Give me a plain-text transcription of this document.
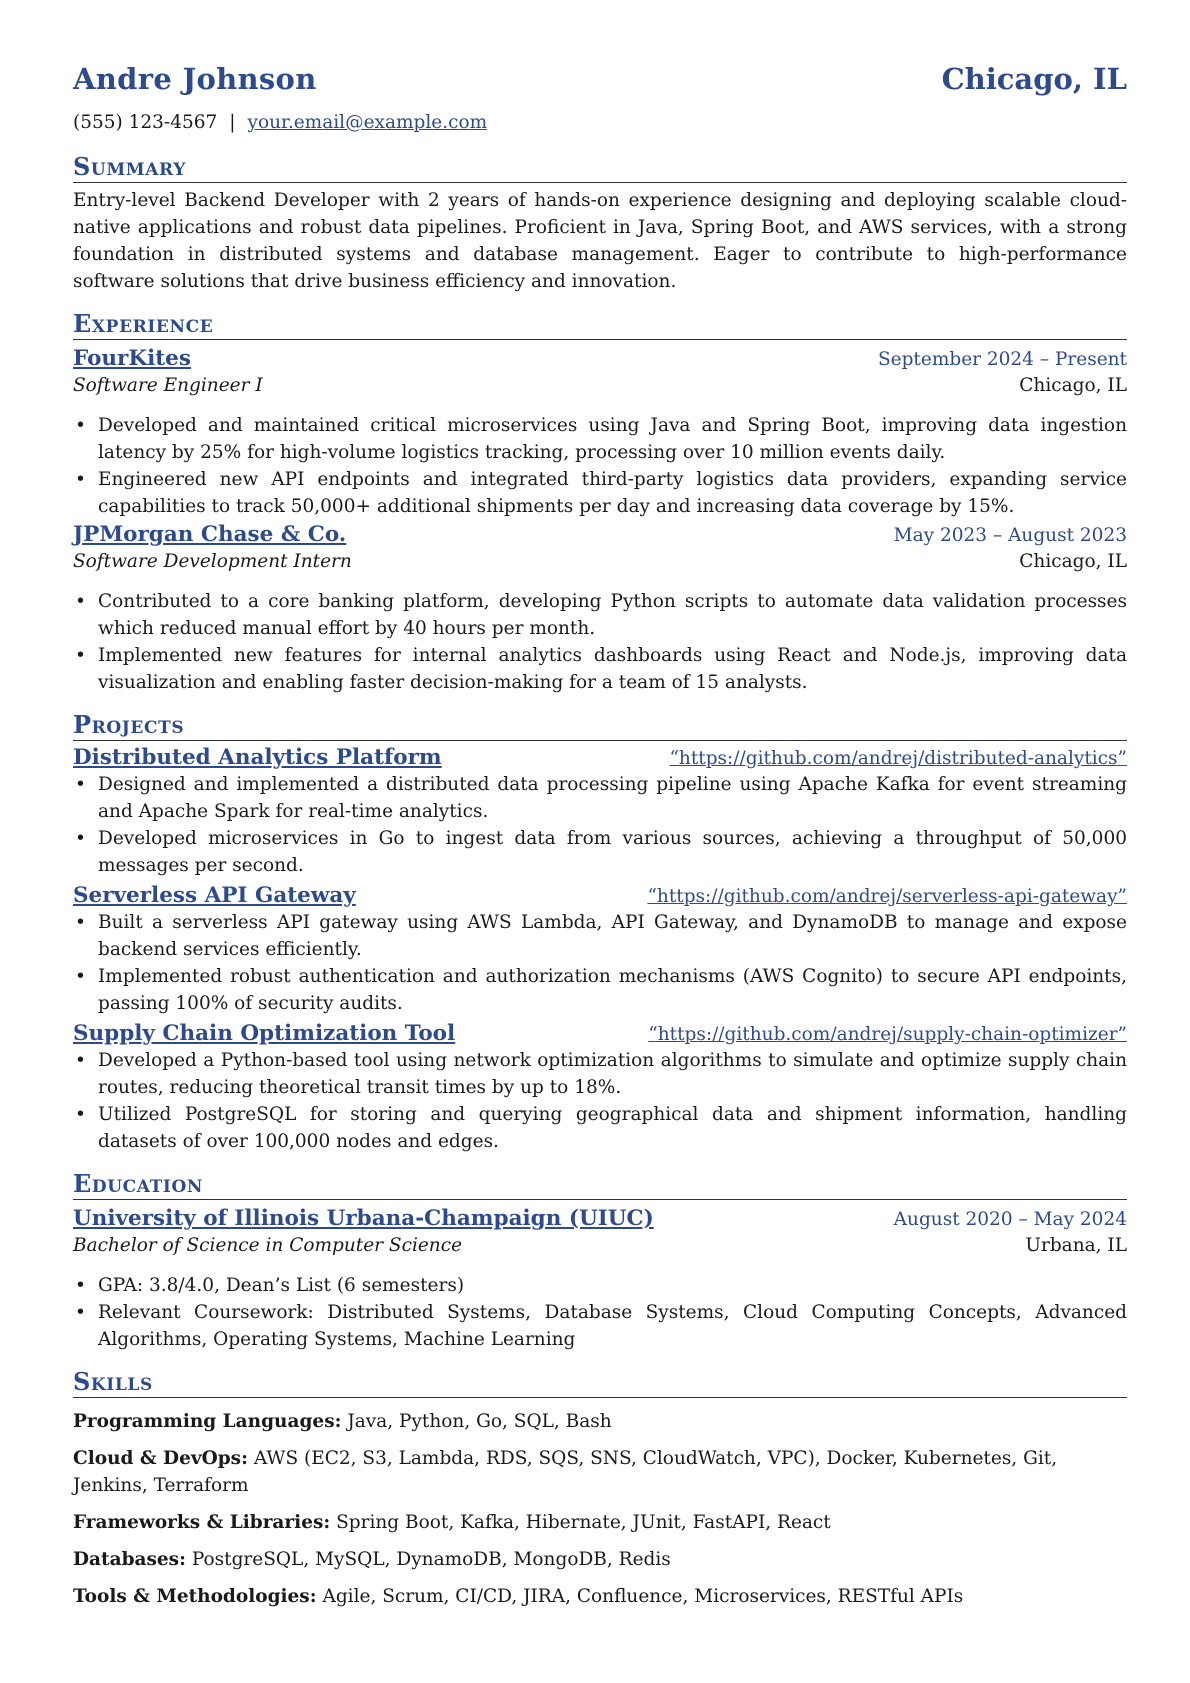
Andre Johnson	Chicago, IL
(555) 123-4567 | your.email@example.com
Summary
Entry-level Backend Developer with 2 years of hands-on experience designing and deploying scalable cloud-native applications and robust data pipelines. Proficient in Java, Spring Boot, and AWS services, with a strong foundation in distributed systems and database management. Eager to contribute to high-performance software solutions that drive business efficiency and innovation.
Experience
FourKites	September 2024 – Present
Software Engineer I	Chicago, IL
• Developed and maintained critical microservices using Java and Spring Boot, improving data ingestion latency by 25% for high-volume logistics tracking, processing over 10 million events daily.
• Engineered new API endpoints and integrated third-party logistics data providers, expanding service capabilities to track 50,000+ additional shipments per day and increasing data coverage by 15%.
JPMorgan Chase & Co.	May 2023 – August 2023
Software Development Intern	Chicago, IL
• Contributed to a core banking platform, developing Python scripts to automate data validation processes which reduced manual effort by 40 hours per month.
• Implemented new features for internal analytics dashboards using React and Node.js, improving data visualization and enabling faster decision-making for a team of 15 analysts.
Projects
Distributed Analytics Platform	“https://github.com/andrej/distributed-analytics”
• Designed and implemented a distributed data processing pipeline using Apache Kafka for event streaming and Apache Spark for real-time analytics.
• Developed microservices in Go to ingest data from various sources, achieving a throughput of 50,000 messages per second.
Serverless API Gateway	“https://github.com/andrej/serverless-api-gateway”
• Built a serverless API gateway using AWS Lambda, API Gateway, and DynamoDB to manage and expose backend services efficiently.
• Implemented robust authentication and authorization mechanisms (AWS Cognito) to secure API endpoints, passing 100% of security audits.
Supply Chain Optimization Tool	“https://github.com/andrej/supply-chain-optimizer”
• Developed a Python-based tool using network optimization algorithms to simulate and optimize supply chain routes, reducing theoretical transit times by up to 18%.
• Utilized PostgreSQL for storing and querying geographical data and shipment information, handling datasets of over 100,000 nodes and edges.
Education
University of Illinois Urbana-Champaign (UIUC)	August 2020 – May 2024
Bachelor of Science in Computer Science	Urbana, IL
• GPA: 3.8/4.0, Dean’s List (6 semesters)
• Relevant Coursework: Distributed Systems, Database Systems, Cloud Computing Concepts, Advanced Algorithms, Operating Systems, Machine Learning
Skills
Programming Languages: Java, Python, Go, SQL, Bash
Cloud & DevOps: AWS (EC2, S3, Lambda, RDS, SQS, SNS, CloudWatch, VPC), Docker, Kubernetes, Git, Jenkins, Terraform
Frameworks & Libraries: Spring Boot, Kafka, Hibernate, JUnit, FastAPI, React
Databases: PostgreSQL, MySQL, DynamoDB, MongoDB, Redis
Tools & Methodologies: Agile, Scrum, CI/CD, JIRA, Confluence, Microservices, RESTful APIs
